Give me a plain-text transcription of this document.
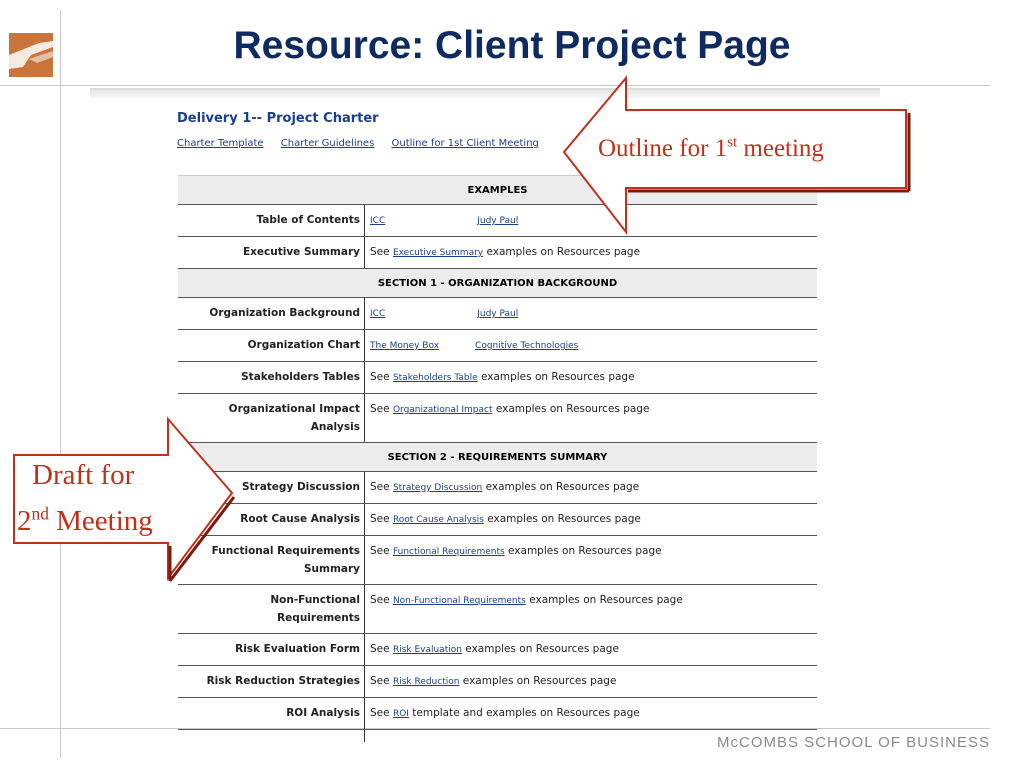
Resource: Client Project Page
Delivery 1-- Project Charter
Charter Template Charter Guidelines Outline for 1st Client Meeting
EXAMPLES	
Table of Contents	ICC Judy Paul
Executive Summary	See Executive Summary examples on Resources page
SECTION 1 - ORGANIZATION BACKGROUND	
Organization Background	ICC Judy Paul
Organization Chart	The Money Box Cognitive Technologies
Stakeholders Tables	See Stakeholders Table examples on Resources page
Organizational Impact
Analysis	See Organizational Impact examples on Resources page
SECTION 2 - REQUIREMENTS SUMMARY	
Strategy Discussion	See Strategy Discussion examples on Resources page
Root Cause Analysis	See Root Cause Analysis examples on Resources page
Functional Requirements
Summary	See Functional Requirements examples on Resources page
Non-Functional
Requirements	See Non-Functional Requirements examples on Resources page
Risk Evaluation Form	See Risk Evaluation examples on Resources page
Risk Reduction Strategies	See Risk Reduction examples on Resources page
ROI Analysis	See ROI template and examples on Resources page

Outline for 1st meeting
Draft for
2nd Meeting
McCOMBS SCHOOL OF BUSINESS
